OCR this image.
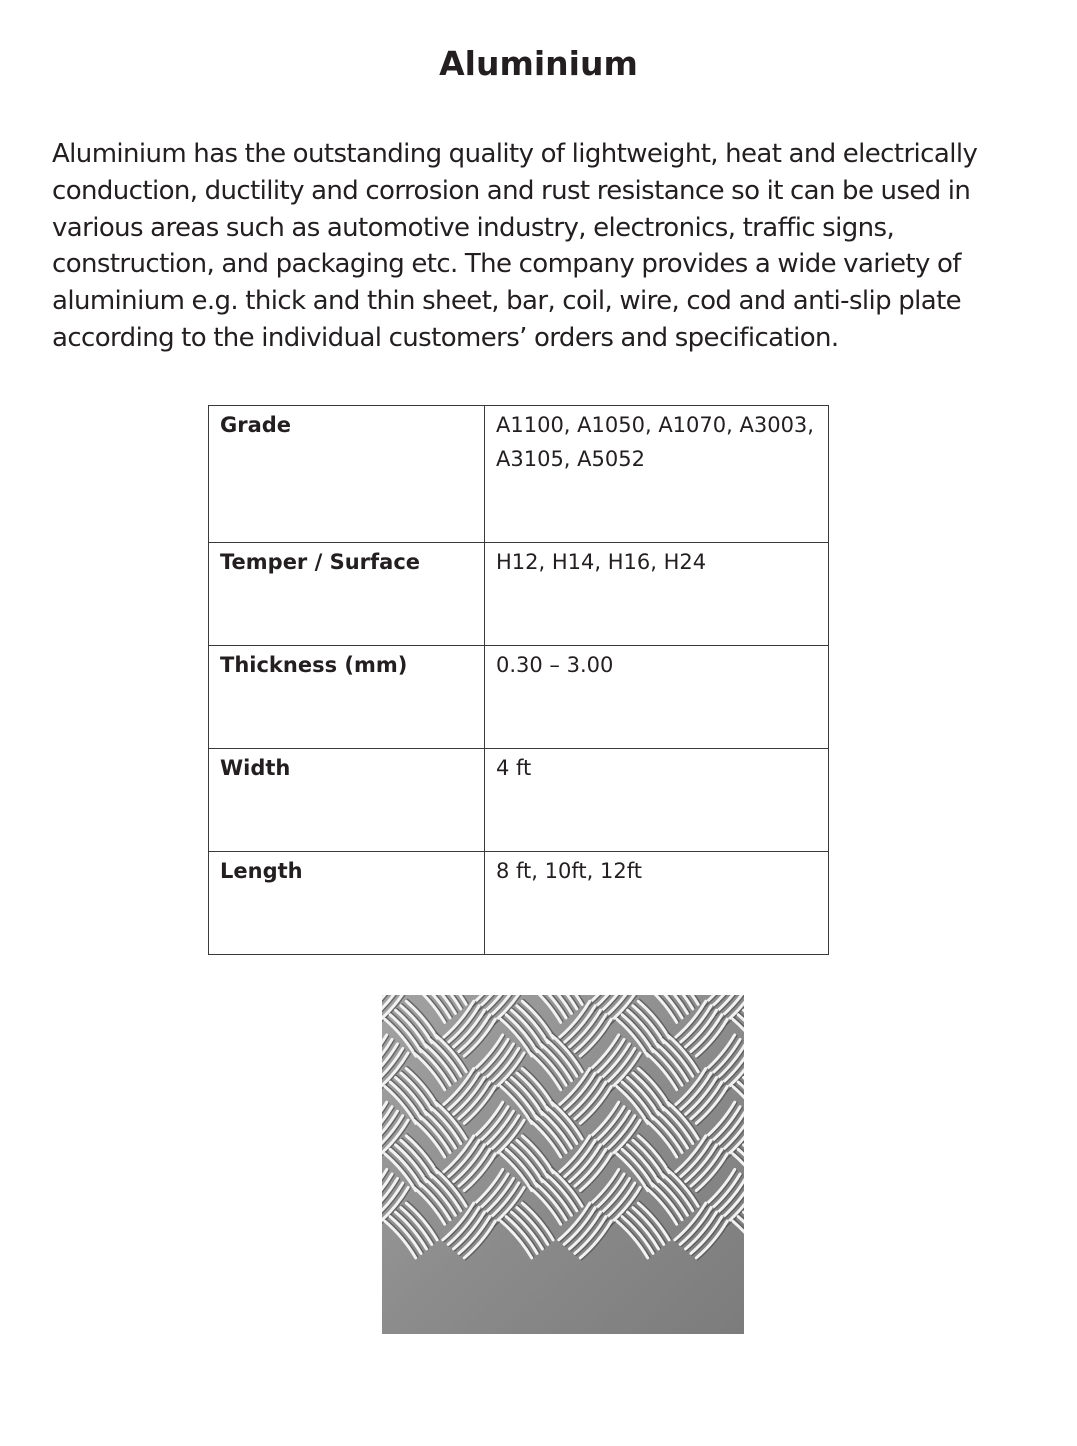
Aluminium

Aluminium has the outstanding quality of lightweight, heat and electrically conduction, ductility and corrosion and rust resistance so it can be used in various areas such as automotive industry, electronics, traffic signs, construction, and packaging etc. The company provides a wide variety of aluminium e.g. thick and thin sheet, bar, coil, wire, cod and anti-slip plate according to the individual customers’ orders and specification.

Grade	A1100, A1050, A1070, A3003, A3105, A5052
Temper / Surface	H12, H14, H16, H24
Thickness (mm)	0.30 – 3.00
Width	4 ft
Length	8 ft, 10ft, 12ft
